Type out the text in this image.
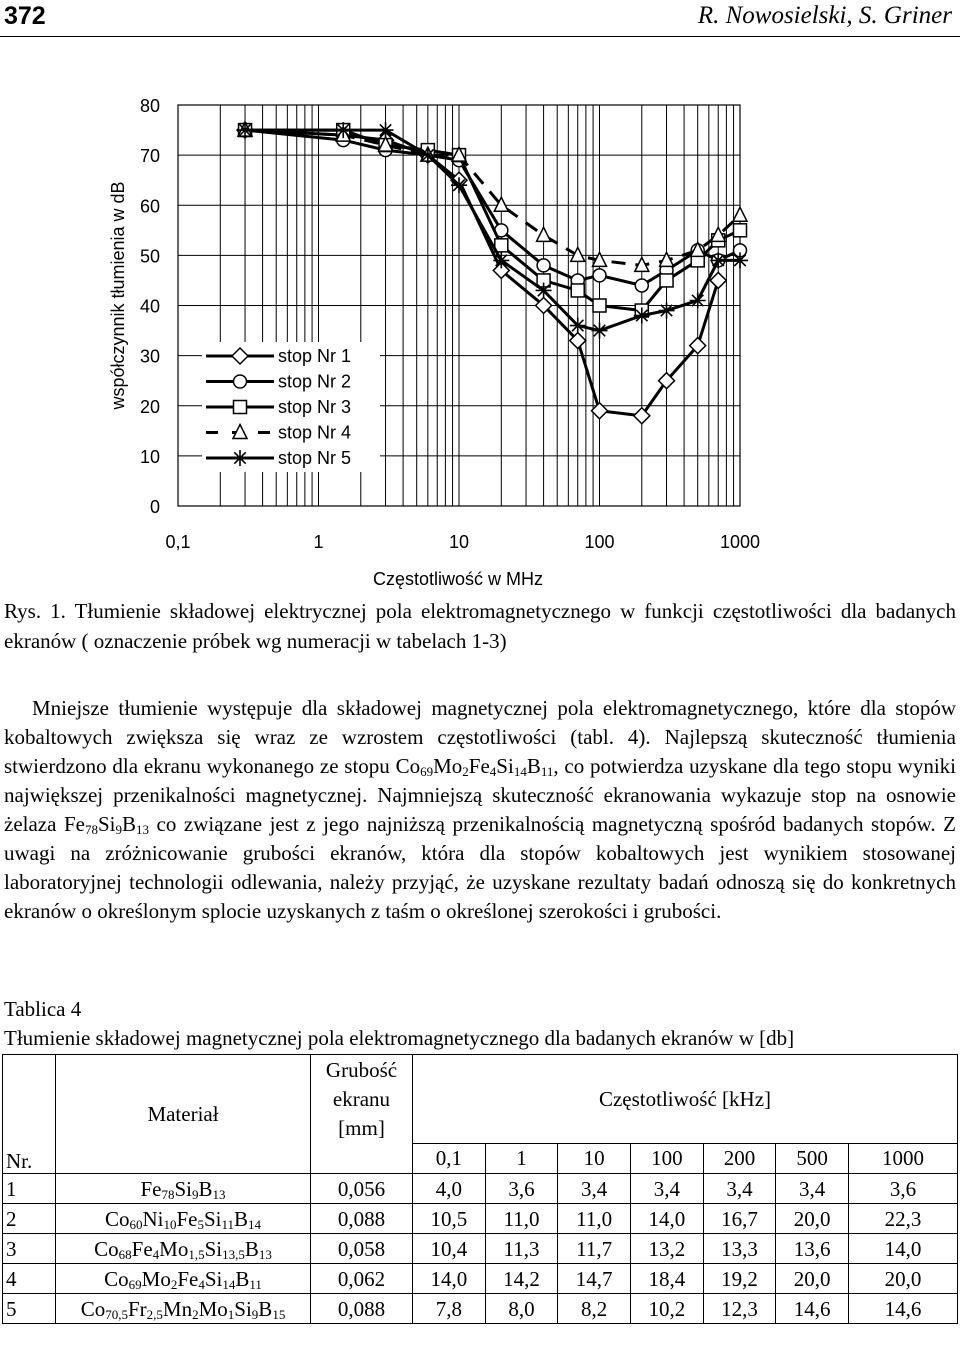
372	R. Nowosielski, S. Griner
0
10
20
30
40
50
60
70
80
0,1	1	10	100	1000
Częstotliwość w MHz
współczynnik tłumienia w dB	stop Nr 1
stop Nr 2
stop Nr 3
stop Nr 4
stop Nr 5
Rys. 1. Tłumienie składowej elektrycznej pola elektromagnetycznego w funkcji częstotliwości dla badanych ekranów ( oznaczenie próbek wg numeracji w tabelach 1-3)
Mniejsze tłumienie występuje dla składowej magnetycznej pola elektromagnetycznego, które dla stopów kobaltowych zwiększa się wraz ze wzrostem częstotliwości (tabl. 4). Najlepszą skuteczność tłumienia stwierdzono dla ekranu wykonanego ze stopu $Co_{69}Mo_2Fe_4Si_{14}B_{11}$, co potwierdza uzyskane dla tego stopu wyniki największej przenikalności magnetycznej. Najmniejszą skuteczność ekranowania wykazuje stop na osnowie żelaza $Fe_{78}Si_9B_{13}$ co związane jest z jego najniższą przenikalnością magnetyczną spośród badanych stopów. Z uwagi na zróżnicowanie grubości ekranów, która dla stopów kobaltowych jest wynikiem stosowanej laboratoryjnej technologii odlewania, należy przyjąć, że uzyskane rezultaty badań odnoszą się do konkretnych ekranów o określonym splocie uzyskanych z taśm o określonej szerokości i grubości.
Tablica 4
Tłumienie składowej magnetycznej pola elektromagnetycznego dla badanych ekranów w [db]
Nr.	Materiał	Grubość
ekranu
[mm]	Częstotliwość [kHz]						
			0,1	1	10	100	200	500	1000
1	$Fe_{78}Si_9B_{13}$	0,056	4,0	3,6	3,4	3,4	3,4	3,4	3,6
2	$Co_{60}Ni_{10}Fe_5Si_{11}B_{14}$	0,088	10,5	11,0	11,0	14,0	16,7	20,0	22,3
3	$Co_{68}Fe_4Mo_{1,5}Si_{13,5}B_{13}$	0,058	10,4	11,3	11,7	13,2	13,3	13,6	14,0
4	$Co_{69}Mo_2Fe_4Si_{14}B_{11}$	0,062	14,0	14,2	14,7	18,4	19,2	20,0	20,0
5	$Co_{70,5}Fr_{2,5}Mn_2Mo_1Si_9B_{15}$	0,088	7,8	8,0	8,2	10,2	12,3	14,6	14,6
